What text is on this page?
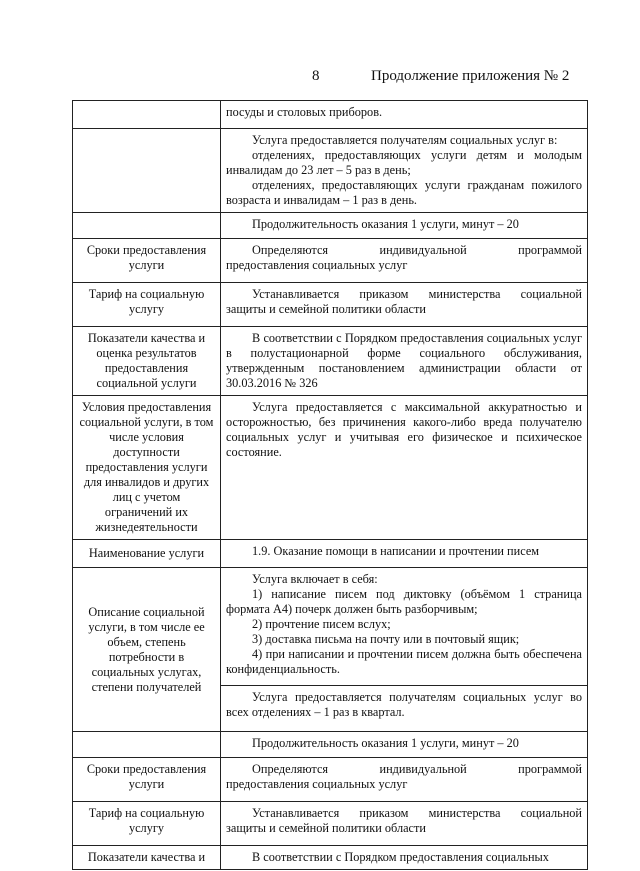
8	Продолжение приложения № 2

	посуды и столовых приборов.

	Услуга предоставляется получателям социальных услуг в:

отделениях, предоставляющих услуги детям и молодым инвалидам до 23 лет – 5 раз в день;

отделениях, предоставляющих услуги гражданам пожилого возраста и инвалидам – 1 раз в день.

	Продолжительность оказания 1 услуги, минут – 20

Сроки предоставления услуги	Определяются индивидуальной программой
предоставления социальных услуг

Тариф на социальную услугу	Устанавливается приказом министерства социальной
защиты и семейной политики области

Показатели качества и оценка результатов предоставления социальной услуги	В соответствии с Порядком предоставления социальных услуг в полустационарной форме социального обслуживания, утвержденным постановлением администрации области от 30.03.2016 № 326

Условия предоставления социальной услуги, в том числе условия доступности предоставления услуги для инвалидов и других лиц с учетом ограничений их жизнедеятельности	Услуга предоставляется с максимальной аккуратностью и осторожностью, без причинения какого-либо вреда получателю социальных услуг и учитывая его физическое и психическое состояние.

Наименование услуги	1.9. Оказание помощи в написании и прочтении писем

Описание социальной услуги, в том числе ее объем, степень потребности в социальных услугах, степени получателей	Услуга включает в себя:

1) написание писем под диктовку (объёмом 1 страница формата А4) почерк должен быть разборчивым;

2) прочтение писем вслух;

3) доставка письма на почту или в почтовый ящик;

4) при написании и прочтении писем должна быть обеспечена конфиденциальность.

	Услуга предоставляется получателям социальных услуг во всех отделениях – 1 раз в квартал.

	Продолжительность оказания 1 услуги, минут – 20

Сроки предоставления услуги	Определяются индивидуальной программой
предоставления социальных услуг

Тариф на социальную услугу	Устанавливается приказом министерства социальной
защиты и семейной политики области

Показатели качества и	В соответствии с Порядком предоставления социальных
